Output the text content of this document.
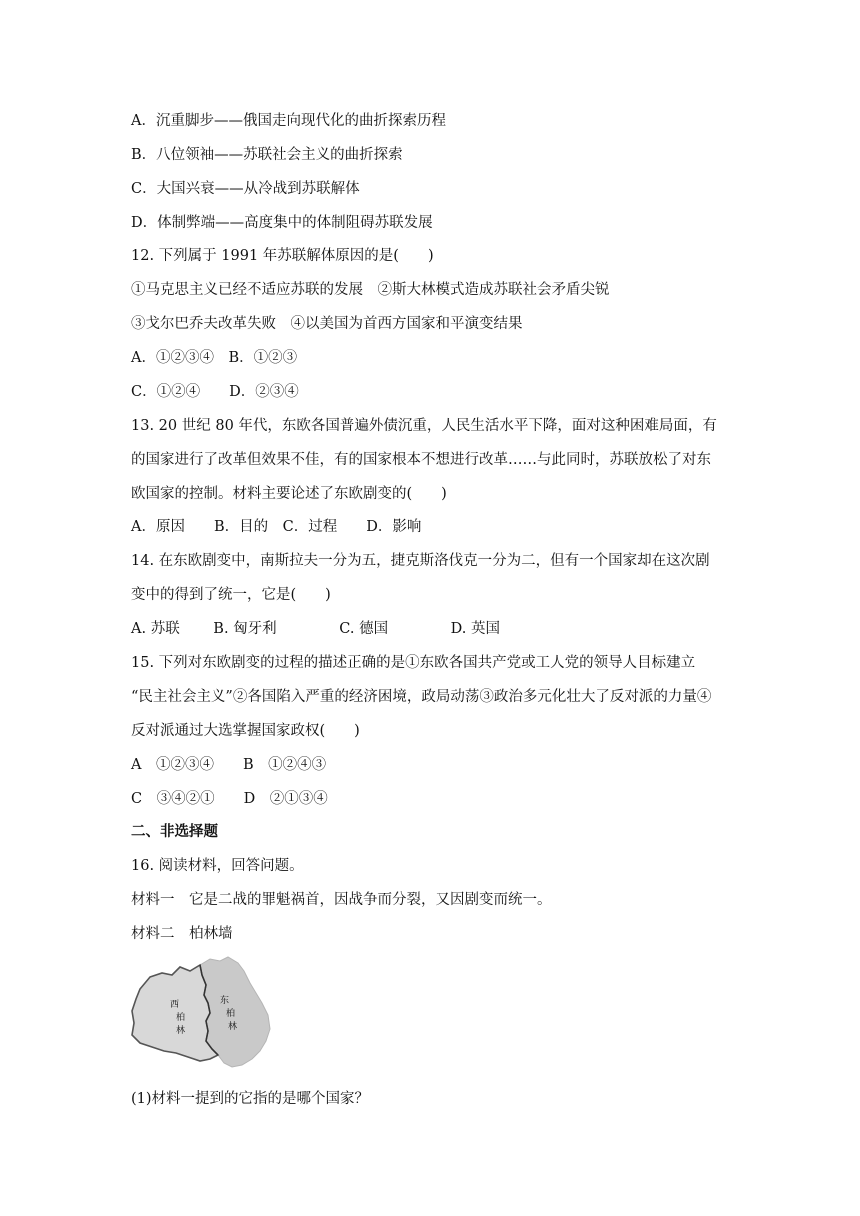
A．沉重脚步——俄国走向现代化的曲折探索历程
B．八位领袖——苏联社会主义的曲折探索
C．大国兴衰——从冷战到苏联解体
D．体制弊端——高度集中的体制阻碍苏联发展
12. 下列属于 1991 年苏联解体原因的是(　　)
①马克思主义已经不适应苏联的发展　②斯大林模式造成苏联社会矛盾尖锐
③戈尔巴乔夫改革失败　④以美国为首西方国家和平演变结果
A．①②③④　B．①②③
C．①②④　　D．②③④
13. 20 世纪 80 年代，东欧各国普遍外债沉重，人民生活水平下降，面对这种困难局面，有
的国家进行了改革但效果不佳，有的国家根本不想进行改革……与此同时，苏联放松了对东
欧国家的控制。材料主要论述了东欧剧变的(　　)
A．原因　　B．目的　C．过程　　D．影响
14. 在东欧剧变中，南斯拉夫一分为五，捷克斯洛伐克一分为二，但有一个国家却在这次剧
变中的得到了统一，它是(　　)
A. 苏联　　 B. 匈牙利　　　　 C. 德国　　　　 D. 英国
15. 下列对东欧剧变的过程的描述正确的是①东欧各国共产党或工人党的领导人目标建立
“民主社会主义”②各国陷入严重的经济困境，政局动荡③政治多元化壮大了反对派的力量④
反对派通过大选掌握国家政权(　　)
A　①②③④　　B　①②④③
C　③④②①　　D　②①③④
二、非选择题
16. 阅读材料，回答问题。
材料一　它是二战的罪魁祸首，因战争而分裂，又因剧变而统一。
材料二　柏林墙
西
柏
林
东
柏
林
(1)材料一提到的它指的是哪个国家？
